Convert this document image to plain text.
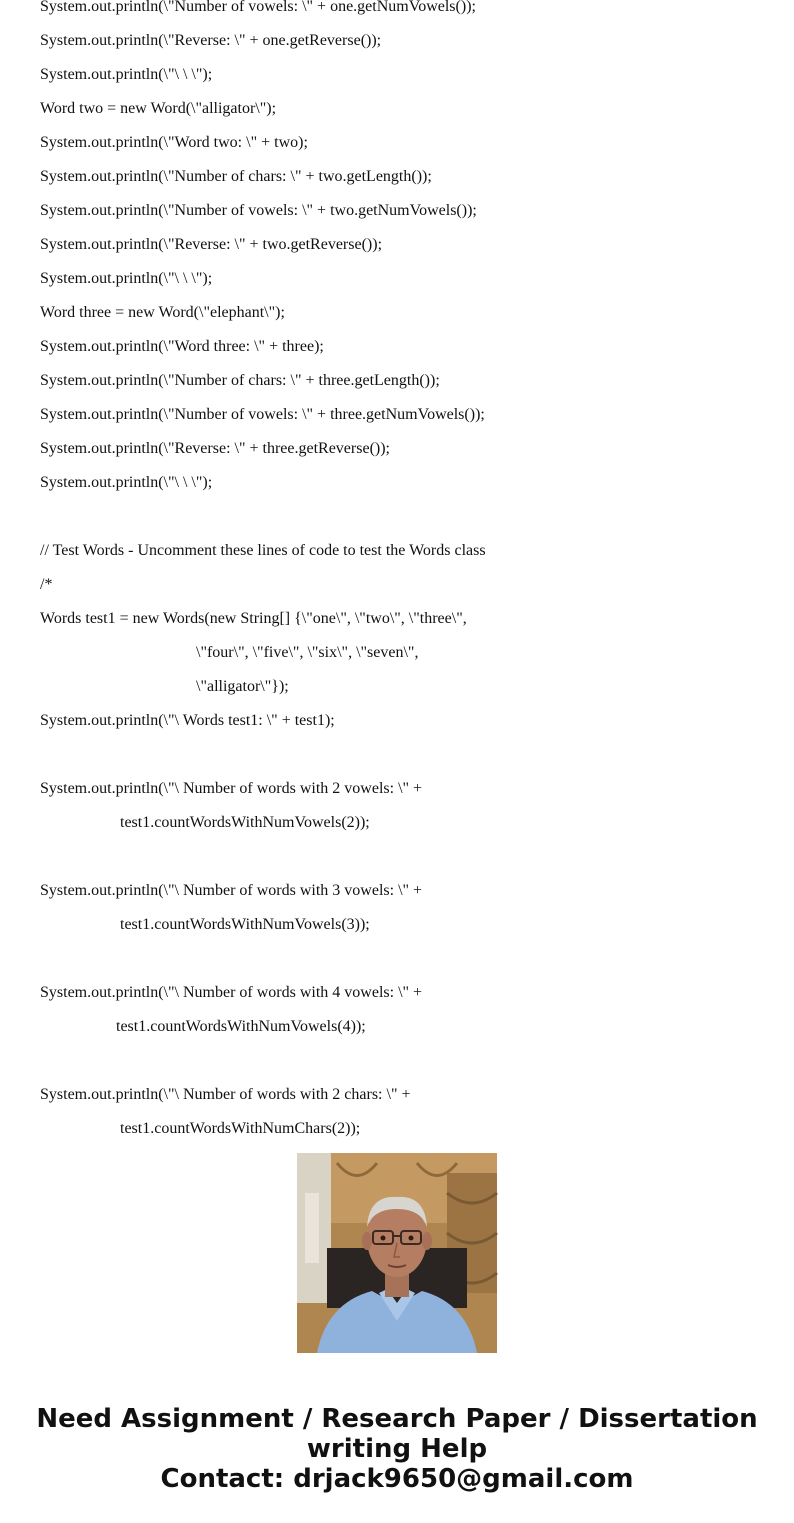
System.out.println(\"Number of vowels: \" + one.getNumVowels());
System.out.println(\"Reverse: \" + one.getReverse());
System.out.println(\"\ \ \");
Word two = new Word(\"alligator\");
System.out.println(\"Word two: \" + two);
System.out.println(\"Number of chars: \" + two.getLength());
System.out.println(\"Number of vowels: \" + two.getNumVowels());
System.out.println(\"Reverse: \" + two.getReverse());
System.out.println(\"\ \ \");
Word three = new Word(\"elephant\");
System.out.println(\"Word three: \" + three);
System.out.println(\"Number of chars: \" + three.getLength());
System.out.println(\"Number of vowels: \" + three.getNumVowels());
System.out.println(\"Reverse: \" + three.getReverse());
System.out.println(\"\ \ \");
// Test Words - Uncomment these lines of code to test the Words class
/*
Words test1 = new Words(new String[] {\"one\", \"two\", \"three\",
\"four\", \"five\", \"six\", \"seven\",
\"alligator\"});
System.out.println(\"\ Words test1: \" + test1);
System.out.println(\"\ Number of words with 2 vowels: \" +
test1.countWordsWithNumVowels(2));
System.out.println(\"\ Number of words with 3 vowels: \" +
test1.countWordsWithNumVowels(3));
System.out.println(\"\ Number of words with 4 vowels: \" +
test1.countWordsWithNumVowels(4));
System.out.println(\"\ Number of words with 2 chars: \" +
test1.countWordsWithNumChars(2));
Need Assignment / Research Paper / Dissertation
writing Help
Contact: drjack9650@gmail.com
